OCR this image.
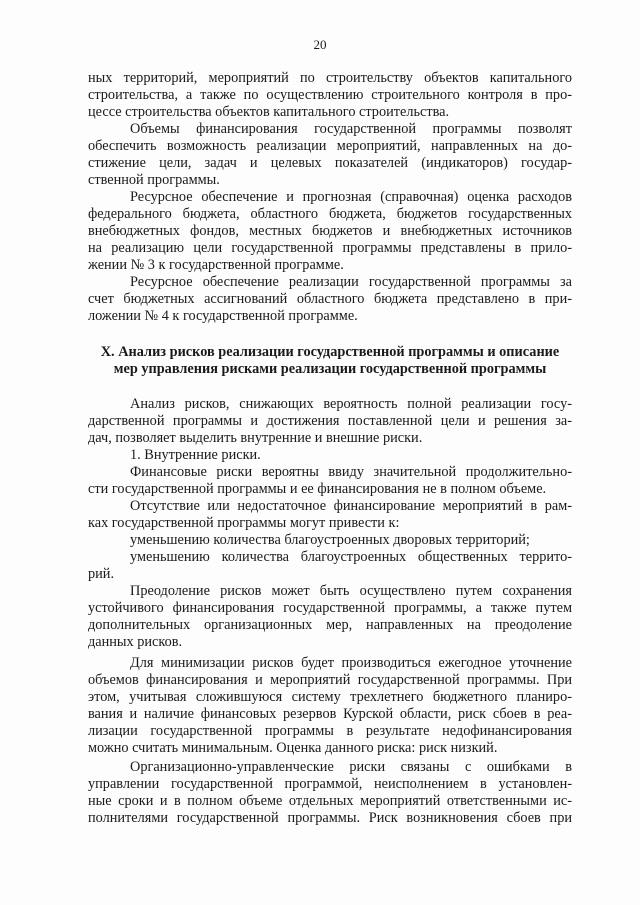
20
ных территорий, мероприятий по строительству объектов капитального
строительства, а также по осуществлению строительного контроля в про-
цессе строительства объектов капитального строительства.
Объемы финансирования государственной программы позволят
обеспечить возможность реализации мероприятий, направленных на до-
стижение цели, задач и целевых показателей (индикаторов) государ-
ственной программы.
Ресурсное обеспечение и прогнозная (справочная) оценка расходов
федерального бюджета, областного бюджета, бюджетов государственных
внебюджетных фондов, местных бюджетов и внебюджетных источников
на реализацию цели государственной программы представлены в прило-
жении № 3 к государственной программе.
Ресурсное обеспечение реализации государственной программы за
счет бюджетных ассигнований областного бюджета представлено в при-
ложении № 4 к государственной программе.
X. Анализ рисков реализации государственной программы и описание
мер управления рисками реализации государственной программы
Анализ рисков, снижающих вероятность полной реализации госу-
дарственной программы и достижения поставленной цели и решения за-
дач, позволяет выделить внутренние и внешние риски.
1. Внутренние риски.
Финансовые риски вероятны ввиду значительной продолжительно-
сти государственной программы и ее финансирования не в полном объеме.
Отсутствие или недостаточное финансирование мероприятий в рам-
ках государственной программы могут привести к:
уменьшению количества благоустроенных дворовых территорий;
уменьшению количества благоустроенных общественных террито-
рий.
Преодоление рисков может быть осуществлено путем сохранения
устойчивого финансирования государственной программы, а также путем
дополнительных организационных мер, направленных на преодоление
данных рисков.
Для минимизации рисков будет производиться ежегодное уточнение
объемов финансирования и мероприятий государственной программы. При
этом, учитывая сложившуюся систему трехлетнего бюджетного планиро-
вания и наличие финансовых резервов Курской области, риск сбоев в реа-
лизации государственной программы в результате недофинансирования
можно считать минимальным. Оценка данного риска: риск низкий.
Организационно-управленческие риски связаны с ошибками в
управлении государственной программой, неисполнением в установлен-
ные сроки и в полном объеме отдельных мероприятий ответственными ис-
полнителями государственной программы. Риск возникновения сбоев при
